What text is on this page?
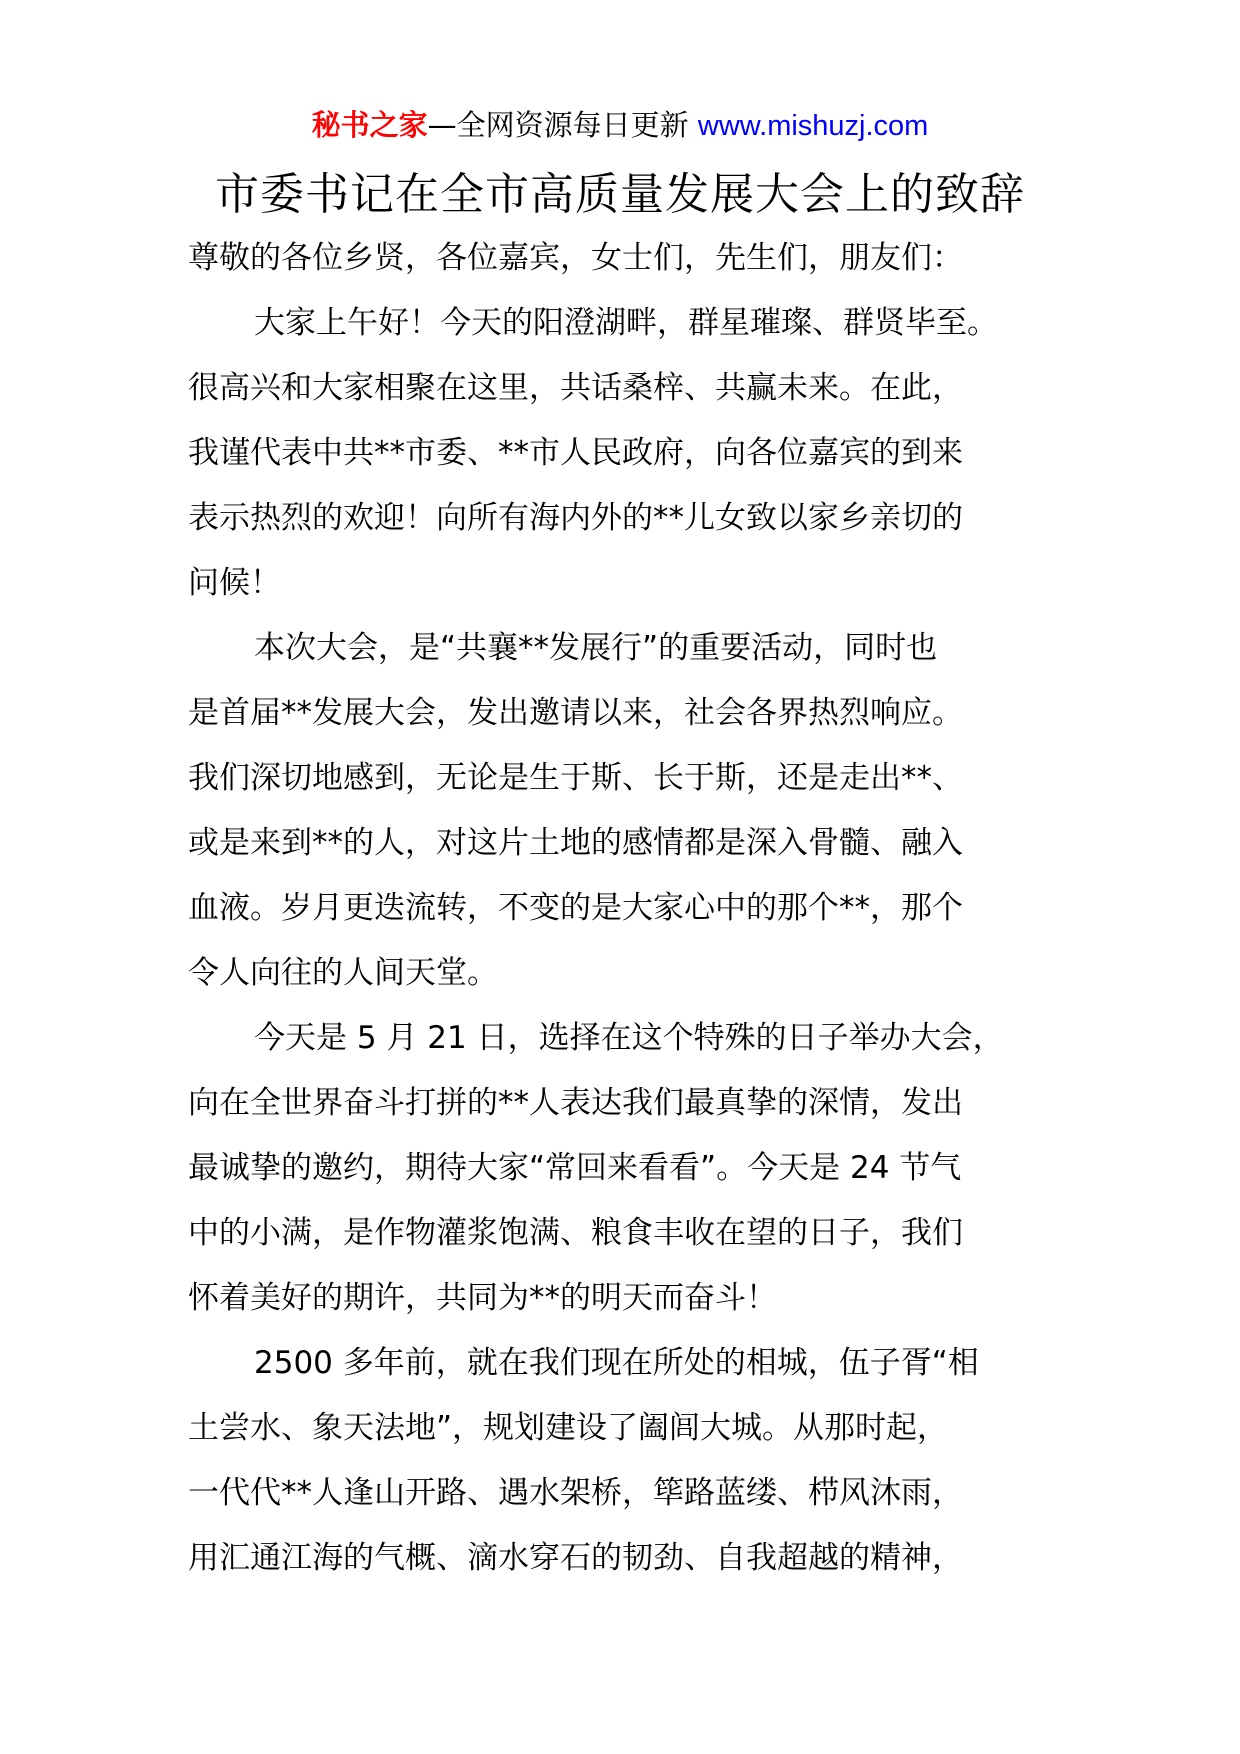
秘书之家—全网资源每日更新 www.mishuzj.com
市委书记在全市高质量发展大会上的致辞
尊敬的各位乡贤，各位嘉宾，女士们，先生们，朋友们：
大家上午好！今天的阳澄湖畔，群星璀璨、群贤毕至。
很高兴和大家相聚在这里，共话桑梓、共赢未来。在此，
我谨代表中共**市委、**市人民政府，向各位嘉宾的到来
表示热烈的欢迎！向所有海内外的**儿女致以家乡亲切的
问候！
本次大会，是“共襄**发展行”的重要活动，同时也
是首届**发展大会，发出邀请以来，社会各界热烈响应。
我们深切地感到，无论是生于斯、长于斯，还是走出**、
或是来到**的人，对这片土地的感情都是深入骨髓、融入
血液。岁月更迭流转，不变的是大家心中的那个**，那个
令人向往的人间天堂。
今天是 5 月 21 日，选择在这个特殊的日子举办大会，
向在全世界奋斗打拼的**人表达我们最真挚的深情，发出
最诚挚的邀约，期待大家“常回来看看”。今天是 24 节气
中的小满，是作物灌浆饱满、粮食丰收在望的日子，我们
怀着美好的期许，共同为**的明天而奋斗！
2500 多年前，就在我们现在所处的相城，伍子胥“相
土尝水、象天法地”，规划建设了阖闾大城。从那时起，
一代代**人逢山开路、遇水架桥，筚路蓝缕、栉风沐雨，
用汇通江海的气概、滴水穿石的韧劲、自我超越的精神，
